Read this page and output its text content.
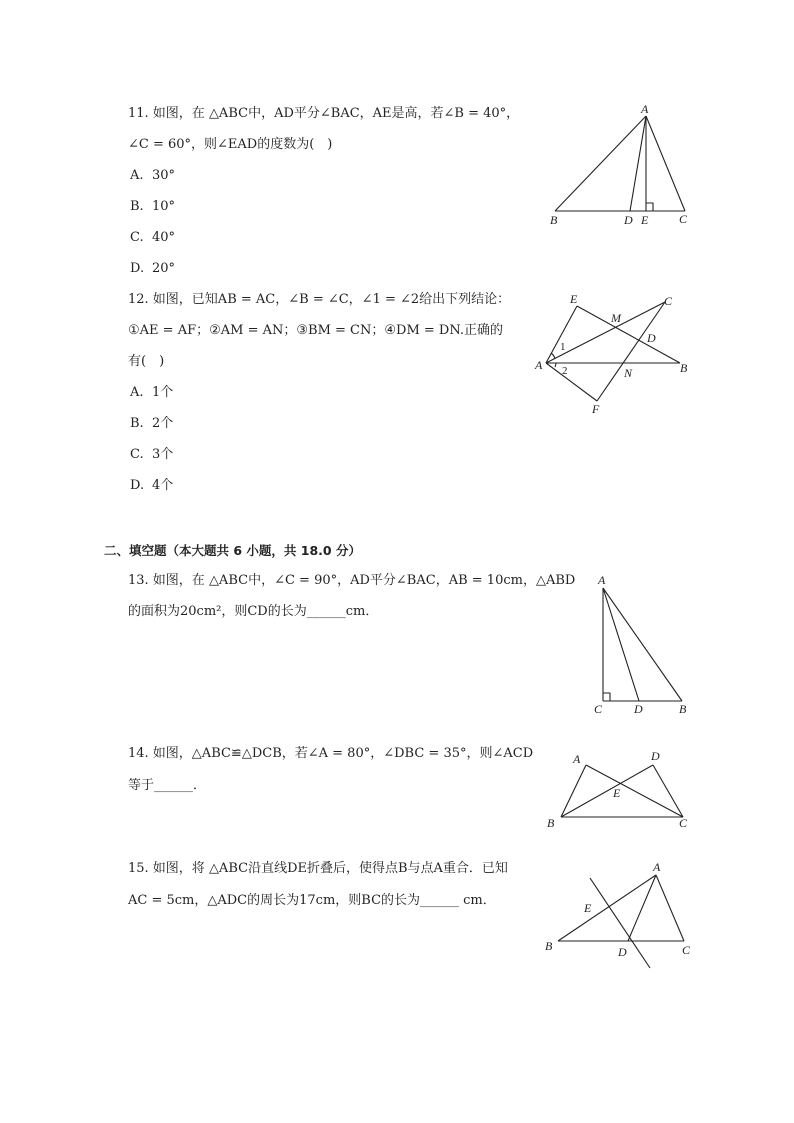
11. 如图，在 △ABC中，AD平分∠BAC，AE是高，若∠B = 40°，
∠C = 60°，则∠EAD的度数为(　)
A. 30°
B. 10°
C. 40°
D. 20°
A
B	D E	C
12. 如图，已知AB = AC，∠B = ∠C，∠1 = ∠2给出下列结论：
①AE = AF；②AM = AN；③BM = CN；④DM = DN.正确的
有(　)
A. 1个
B. 2个
C. 3个
D. 4个
A
E
M
C
D
B
N
F
1
2
二、填空题（本大题共 6 小题，共 18.0 分）
13. 如图，在 △ABC中，∠C = 90°，AD平分∠BAC，AB = 10cm，△ABD
的面积为20cm²，则CD的长为______cm．
A
C	D	B
14. 如图，△ABC≌△DCB，若∠A = 80°，∠DBC = 35°，则∠ACD
等于______．
A	D
E
B	C
15. 如图，将 △ABC沿直线DE折叠后，使得点B与点A重合．已知
AC = 5cm，△ADC的周长为17cm，则BC的长为______ cm．
A
E
B	D	C
